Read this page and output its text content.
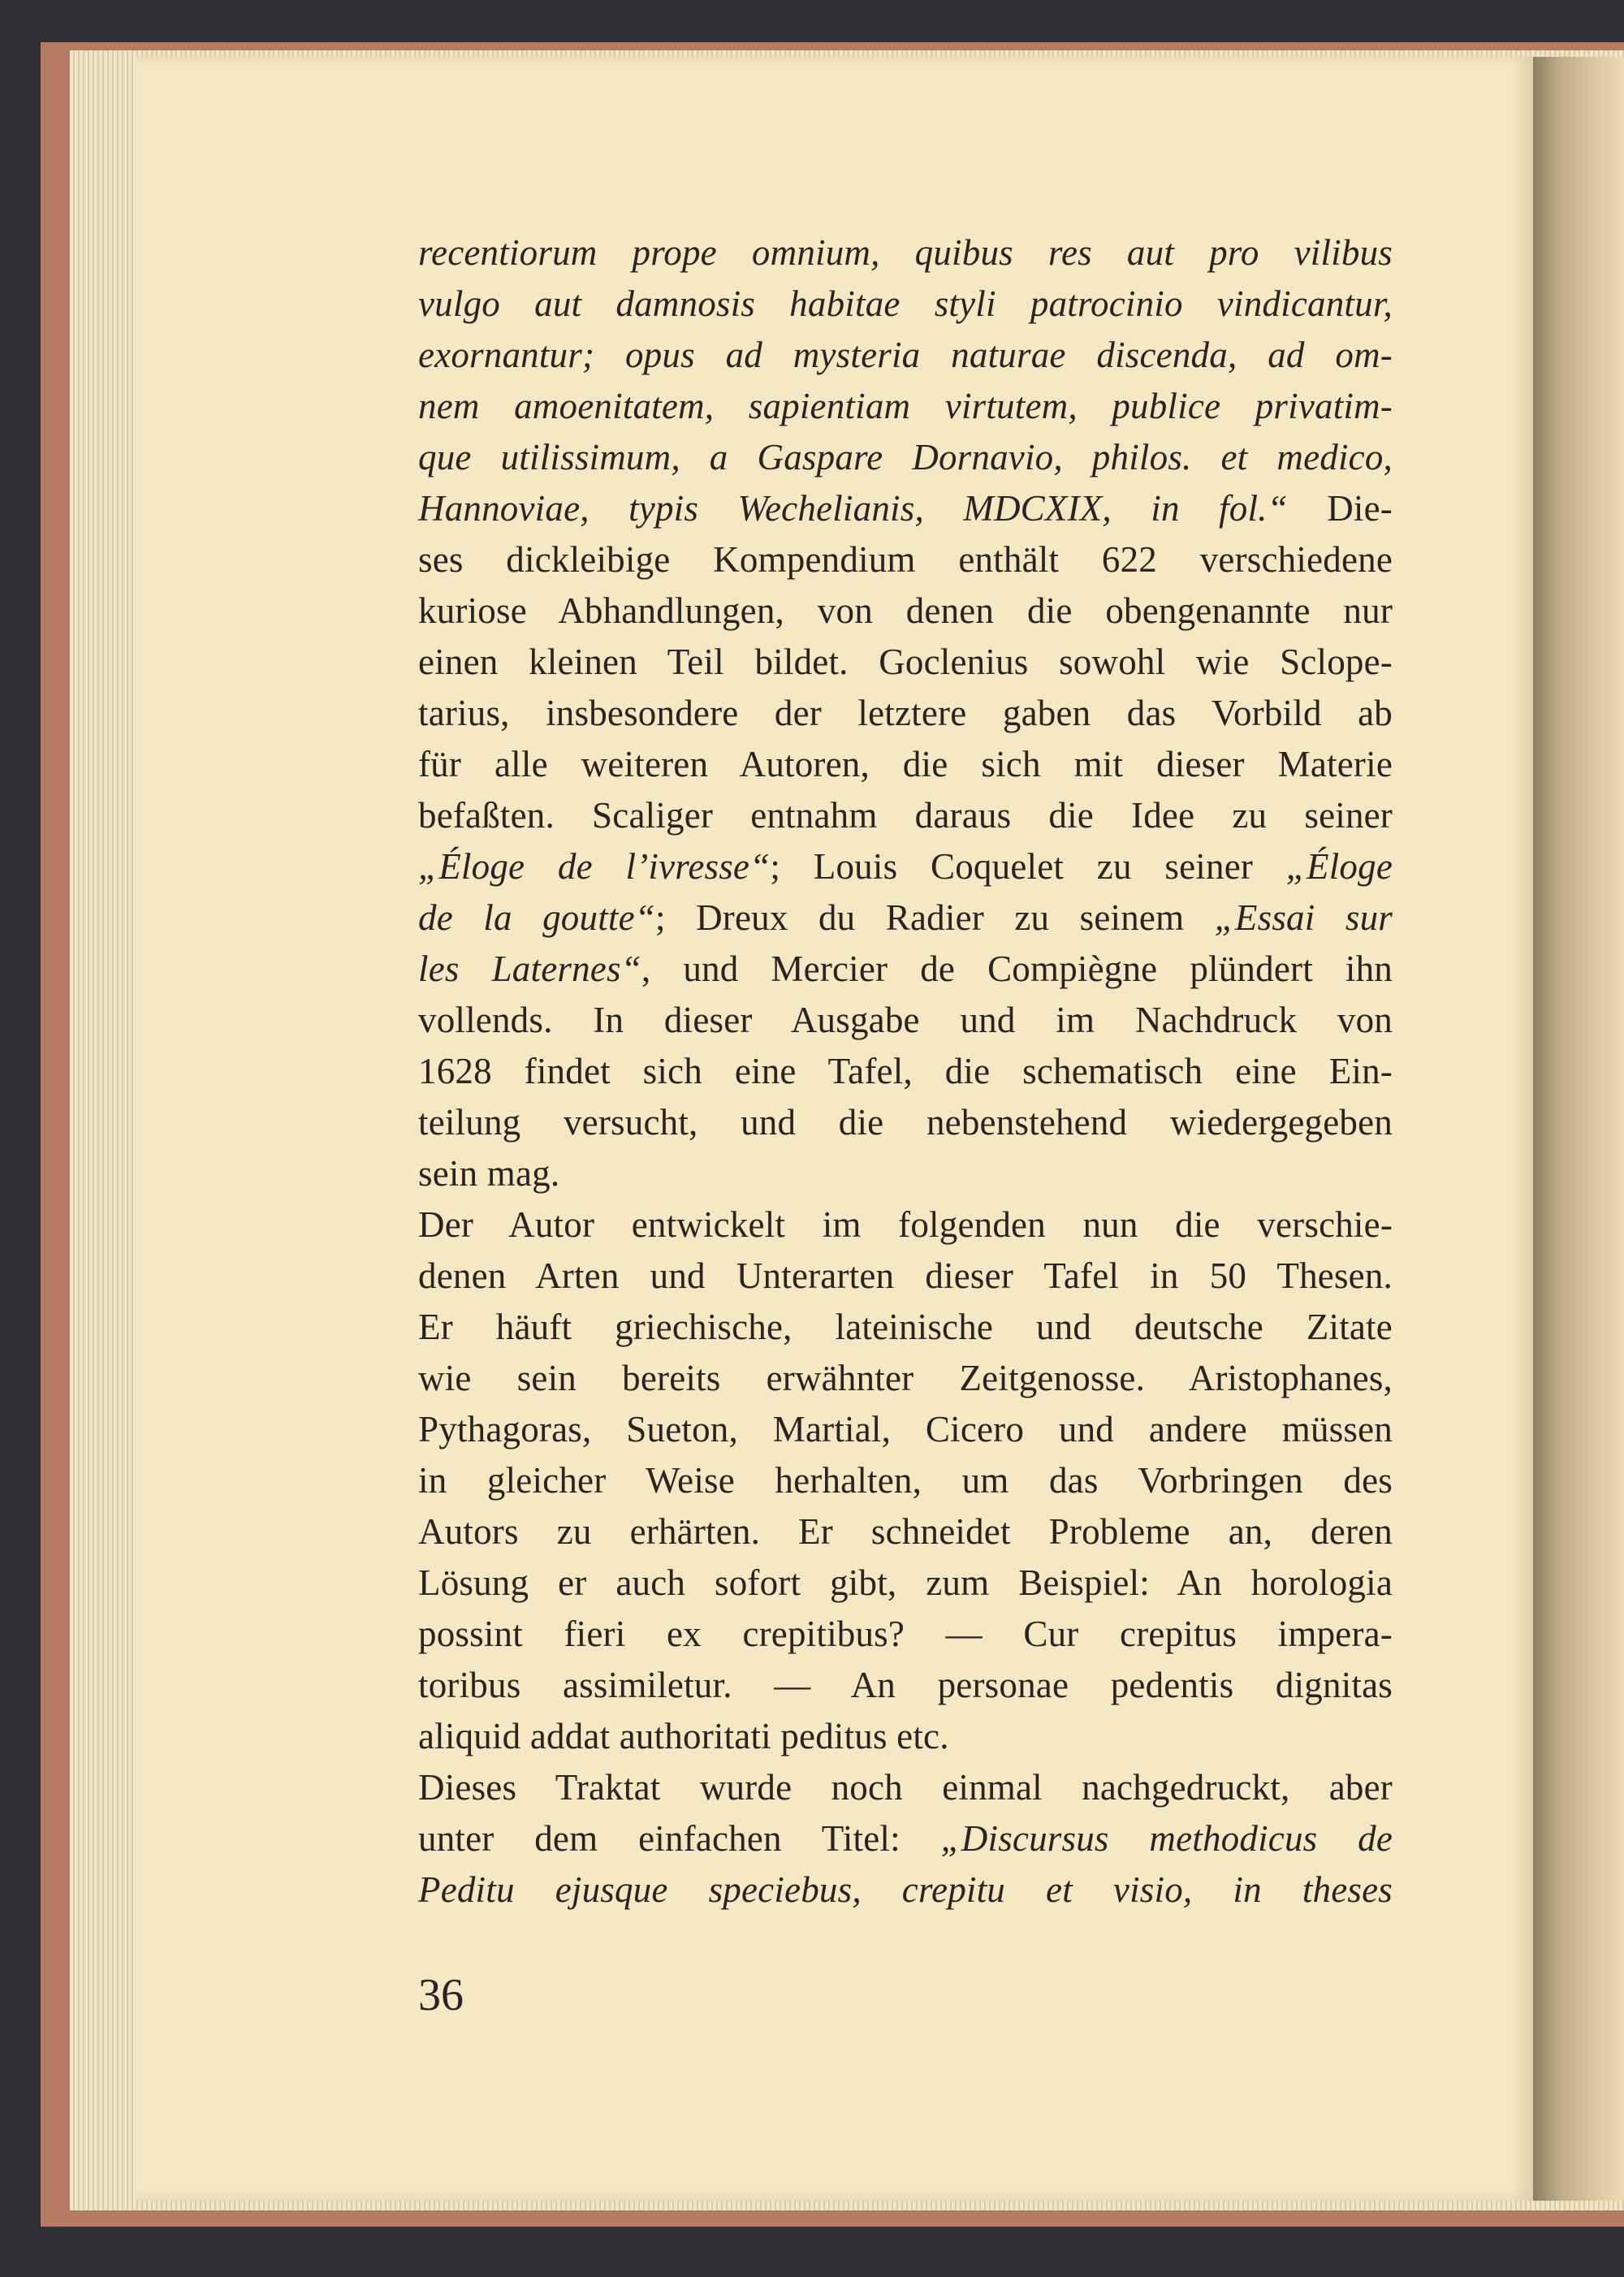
recentiorum prope omnium, quibus res aut pro vilibus
vulgo aut damnosis habitae styli patrocinio vindicantur,
exornantur; opus ad mysteria naturae discenda, ad om-
nem amoenitatem, sapientiam virtutem, publice privatim-
que utilissimum, a Gaspare Dornavio, philos. et medico,
Hannoviae, typis Wechelianis, MDCXIX, in fol.“ Die-
ses dickleibige Kompendium enthält 622 verschiedene
kuriose Abhandlungen, von denen die obengenannte nur
einen kleinen Teil bildet. Goclenius sowohl wie Sclope-
tarius, insbesondere der letztere gaben das Vorbild ab
für alle weiteren Autoren, die sich mit dieser Materie
befaßten. Scaliger entnahm daraus die Idee zu seiner
„Éloge de l’ivresse“; Louis Coquelet zu seiner „Éloge
de la goutte“; Dreux du Radier zu seinem „Essai sur
les Laternes“, und Mercier de Compiègne plündert ihn
vollends. In dieser Ausgabe und im Nachdruck von
1628 findet sich eine Tafel, die schematisch eine Ein-
teilung versucht, und die nebenstehend wiedergegeben
sein mag.
Der Autor entwickelt im folgenden nun die verschie-
denen Arten und Unterarten dieser Tafel in 50 Thesen.
Er häuft griechische, lateinische und deutsche Zitate
wie sein bereits erwähnter Zeitgenosse. Aristophanes,
Pythagoras, Sueton, Martial, Cicero und andere müssen
in gleicher Weise herhalten, um das Vorbringen des
Autors zu erhärten. Er schneidet Probleme an, deren
Lösung er auch sofort gibt, zum Beispiel: An horologia
possint fieri ex crepitibus? — Cur crepitus impera-
toribus assimiletur. — An personae pedentis dignitas
aliquid addat authoritati peditus etc.
Dieses Traktat wurde noch einmal nachgedruckt, aber
unter dem einfachen Titel: „Discursus methodicus de
Peditu ejusque speciebus, crepitu et visio, in theses
36
